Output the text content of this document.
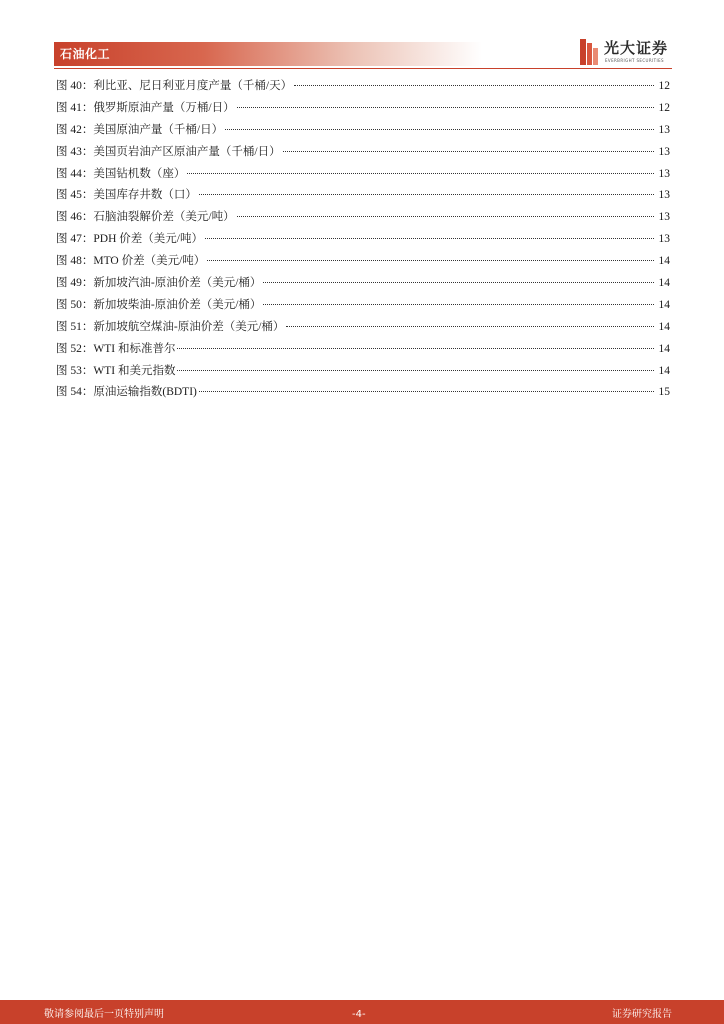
石油化工	光大证券
EVERBRIGHT SECURITIES
图 40：利比亚、尼日利亚月度产量（千桶/天）	12
图 41：俄罗斯原油产量（万桶/日）	12
图 42：美国原油产量（千桶/日）	13
图 43：美国页岩油产区原油产量（千桶/日）	13
图 44：美国钻机数（座）	13
图 45：美国库存井数（口）	13
图 46：石脑油裂解价差（美元/吨）	13
图 47：PDH 价差（美元/吨）	13
图 48：MTO 价差（美元/吨）	14
图 49：新加坡汽油-原油价差（美元/桶）	14
图 50：新加坡柴油-原油价差（美元/桶）	14
图 51：新加坡航空煤油-原油价差（美元/桶）	14
图 52：WTI 和标准普尔	14
图 53：WTI 和美元指数	14
图 54：原油运输指数(BDTI)	15
敬请参阅最后一页特别声明	-4-	证券研究报告
